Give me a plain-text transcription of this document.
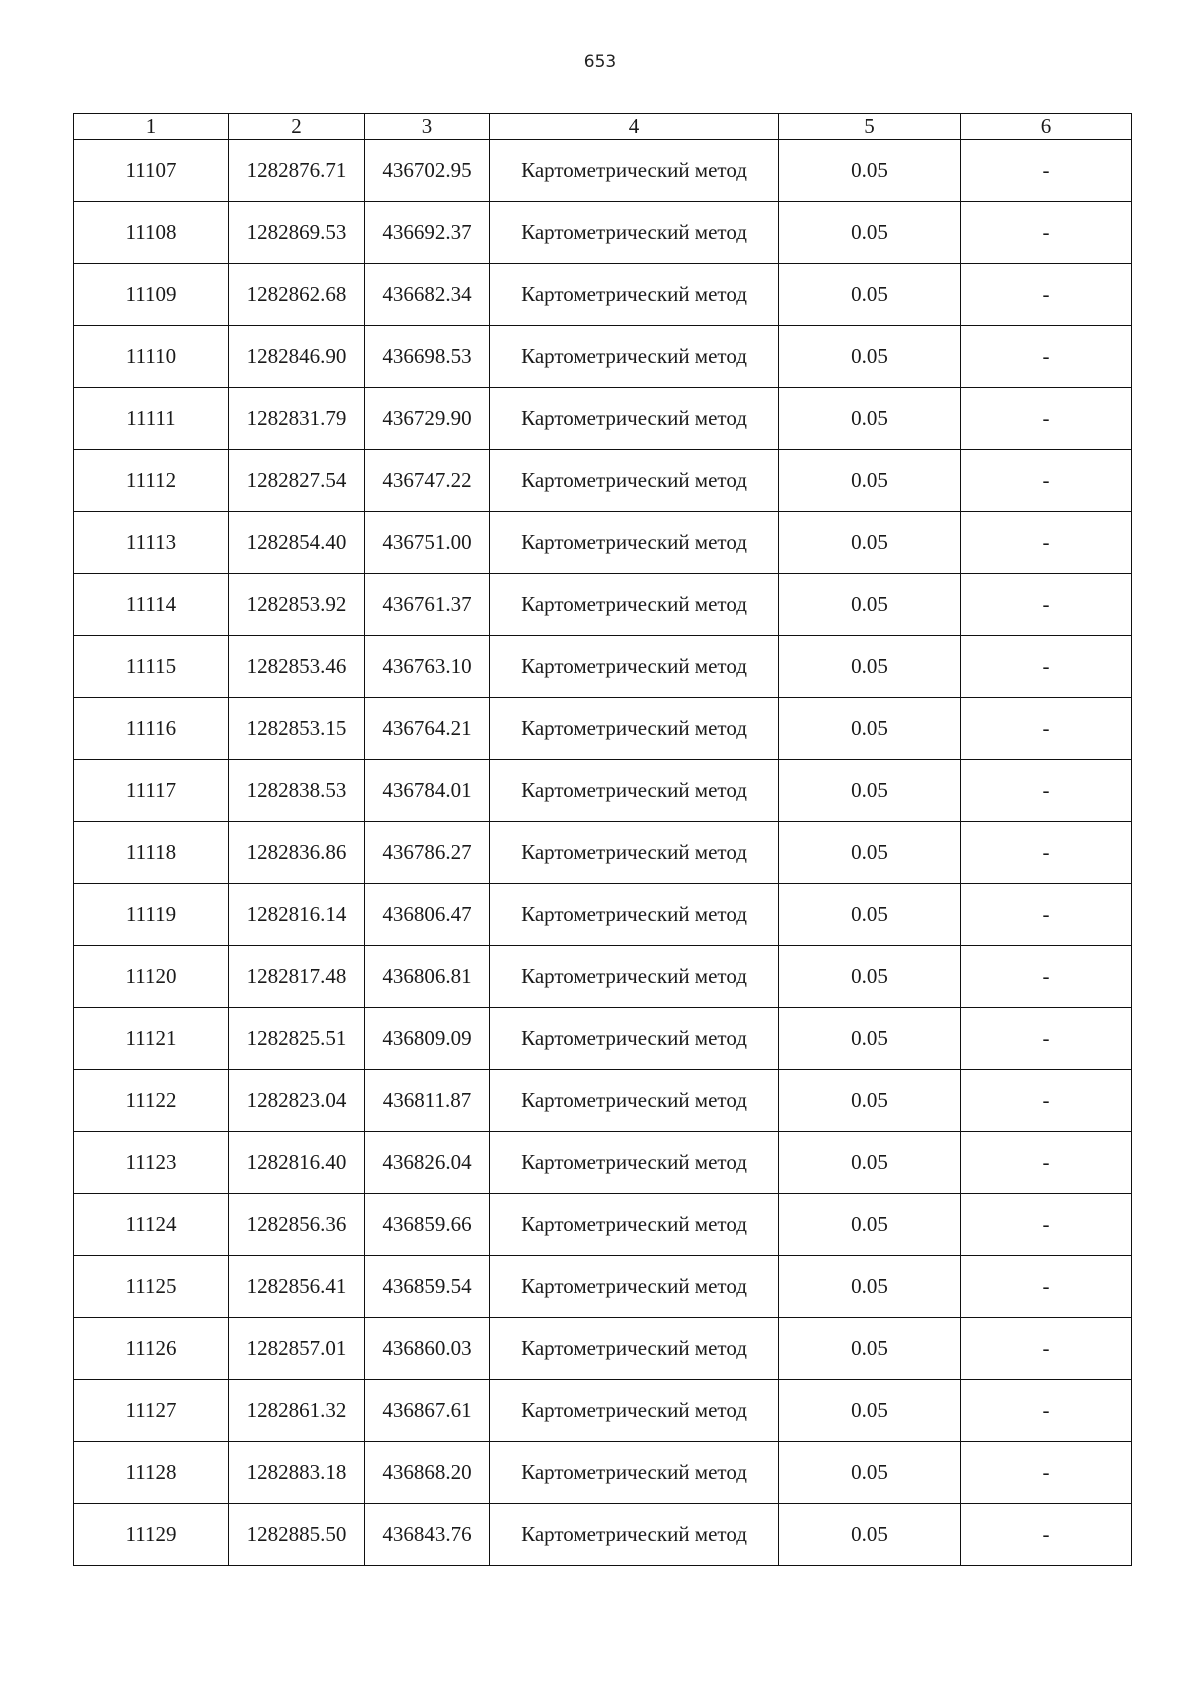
653
1	2	3	4	5	6
11107	1282876.71	436702.95	Картометрический метод	0.05	-
11108	1282869.53	436692.37	Картометрический метод	0.05	-
11109	1282862.68	436682.34	Картометрический метод	0.05	-
11110	1282846.90	436698.53	Картометрический метод	0.05	-
11111	1282831.79	436729.90	Картометрический метод	0.05	-
11112	1282827.54	436747.22	Картометрический метод	0.05	-
11113	1282854.40	436751.00	Картометрический метод	0.05	-
11114	1282853.92	436761.37	Картометрический метод	0.05	-
11115	1282853.46	436763.10	Картометрический метод	0.05	-
11116	1282853.15	436764.21	Картометрический метод	0.05	-
11117	1282838.53	436784.01	Картометрический метод	0.05	-
11118	1282836.86	436786.27	Картометрический метод	0.05	-
11119	1282816.14	436806.47	Картометрический метод	0.05	-
11120	1282817.48	436806.81	Картометрический метод	0.05	-
11121	1282825.51	436809.09	Картометрический метод	0.05	-
11122	1282823.04	436811.87	Картометрический метод	0.05	-
11123	1282816.40	436826.04	Картометрический метод	0.05	-
11124	1282856.36	436859.66	Картометрический метод	0.05	-
11125	1282856.41	436859.54	Картометрический метод	0.05	-
11126	1282857.01	436860.03	Картометрический метод	0.05	-
11127	1282861.32	436867.61	Картометрический метод	0.05	-
11128	1282883.18	436868.20	Картометрический метод	0.05	-
11129	1282885.50	436843.76	Картометрический метод	0.05	-
